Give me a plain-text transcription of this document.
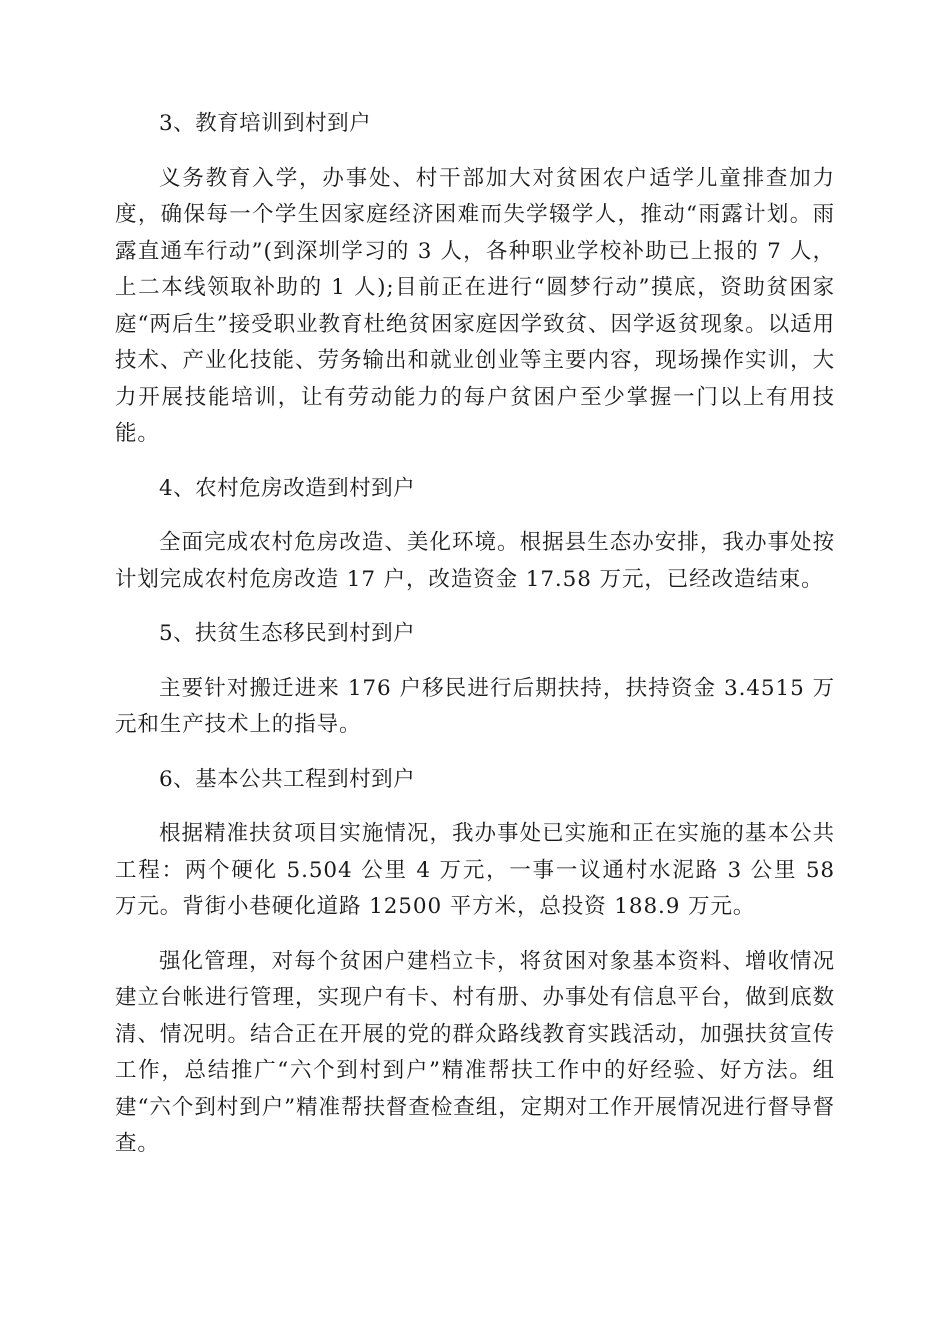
3、教育培训到村到户

义务教育入学，办事处、村干部加大对贫困农户适学儿童排查加力度，确保每一个学生因家庭经济困难而失学辍学人，推动“雨露计划。雨露直通车行动”(到深圳学习的 3 人，各种职业学校补助已上报的 7 人，上二本线领取补助的 1 人);目前正在进行“圆梦行动”摸底，资助贫困家庭“两后生”接受职业教育杜绝贫困家庭因学致贫、因学返贫现象。以适用技术、产业化技能、劳务输出和就业创业等主要内容，现场操作实训，大力开展技能培训，让有劳动能力的每户贫困户至少掌握一门以上有用技能。

4、农村危房改造到村到户

全面完成农村危房改造、美化环境。根据县生态办安排，我办事处按计划完成农村危房改造 17 户，改造资金 17.58 万元，已经改造结束。

5、扶贫生态移民到村到户

主要针对搬迁进来 176 户移民进行后期扶持，扶持资金 3.4515 万元和生产技术上的指导。

6、基本公共工程到村到户

根据精准扶贫项目实施情况，我办事处已实施和正在实施的基本公共工程：两个硬化 5.504 公里 4 万元，一事一议通村水泥路 3 公里 58 万元。背街小巷硬化道路 12500 平方米，总投资 188.9 万元。

强化管理，对每个贫困户建档立卡，将贫困对象基本资料、增收情况建立台帐进行管理，实现户有卡、村有册、办事处有信息平台，做到底数清、情况明。结合正在开展的党的群众路线教育实践活动，加强扶贫宣传工作，总结推广“六个到村到户”精准帮扶工作中的好经验、好方法。组建“六个到村到户”精准帮扶督查检查组，定期对工作开展情况进行督导督查。
